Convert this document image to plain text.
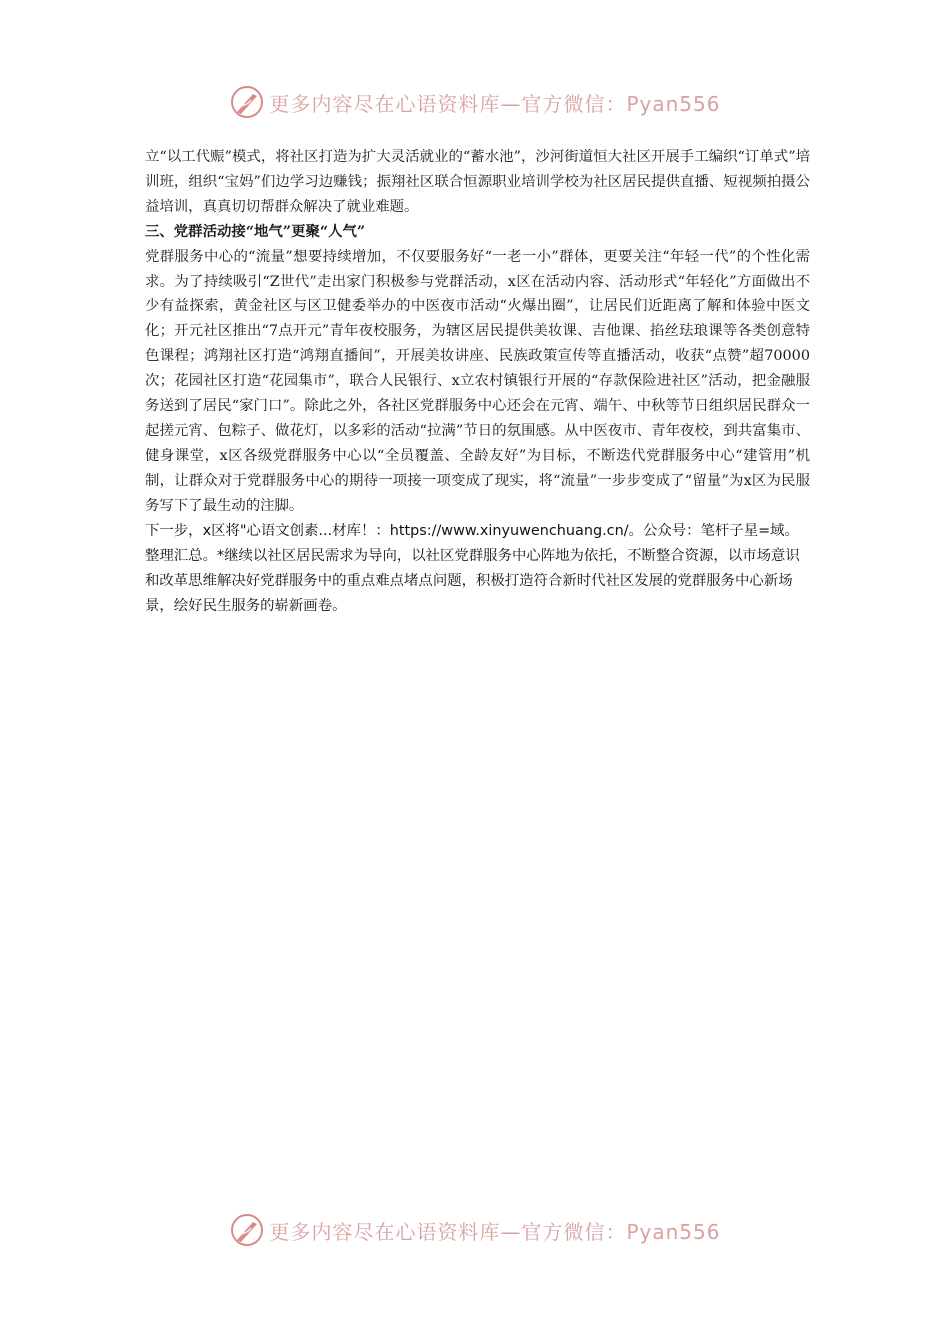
更多内容尽在心语资料库—官方微信：Pyan556

立“以工代赈”模式，将社区打造为扩大灵活就业的“蓄水池”，沙河街道恒大社区开展手工编织“订单式”培训班，组织“宝妈”们边学习边赚钱；振翔社区联合恒源职业培训学校为社区居民提供直播、短视频拍摄公益培训，真真切切帮群众解决了就业难题。

三、党群活动接“地气”更聚“人气”

党群服务中心的“流量”想要持续增加，不仅要服务好“一老一小”群体，更要关注“年轻一代”的个性化需求。为了持续吸引“Z世代”走出家门积极参与党群活动，x区在活动内容、活动形式“年轻化”方面做出不少有益探索，黄金社区与区卫健委举办的中医夜市活动“火爆出圈”，让居民们近距离了解和体验中医文化；开元社区推出“7点开元”青年夜校服务，为辖区居民提供美妆课、吉他课、掐丝珐琅课等各类创意特色课程；鸿翔社区打造“鸿翔直播间”，开展美妆讲座、民族政策宣传等直播活动，收获“点赞”超70000次；花园社区打造“花园集市”，联合人民银行、x立农村镇银行开展的“存款保险进社区”活动，把金融服务送到了居民“家门口”。除此之外，各社区党群服务中心还会在元宵、端午、中秋等节日组织居民群众一起搓元宵、包粽子、做花灯，以多彩的活动“拉满”节日的氛围感。从中医夜市、青年夜校，到共富集市、健身课堂，x区各级党群服务中心以“全员覆盖、全龄友好”为目标，不断迭代党群服务中心“建管用”机制，让群众对于党群服务中心的期待一项接一项变成了现实，将“流量”一步步变成了“留量”为x区为民服务写下了最生动的注脚。

下一步，x区将"心语文创素...材库！：https://www.xinyuwenchuang.cn/。公众号：笔杆子星=域。整理汇总。*继续以社区居民需求为导向，以社区党群服务中心阵地为依托，不断整合资源，以市场意识和改革思维解决好党群服务中的重点难点堵点问题，积极打造符合新时代社区发展的党群服务中心新场景，绘好民生服务的崭新画卷。

更多内容尽在心语资料库—官方微信：Pyan556
